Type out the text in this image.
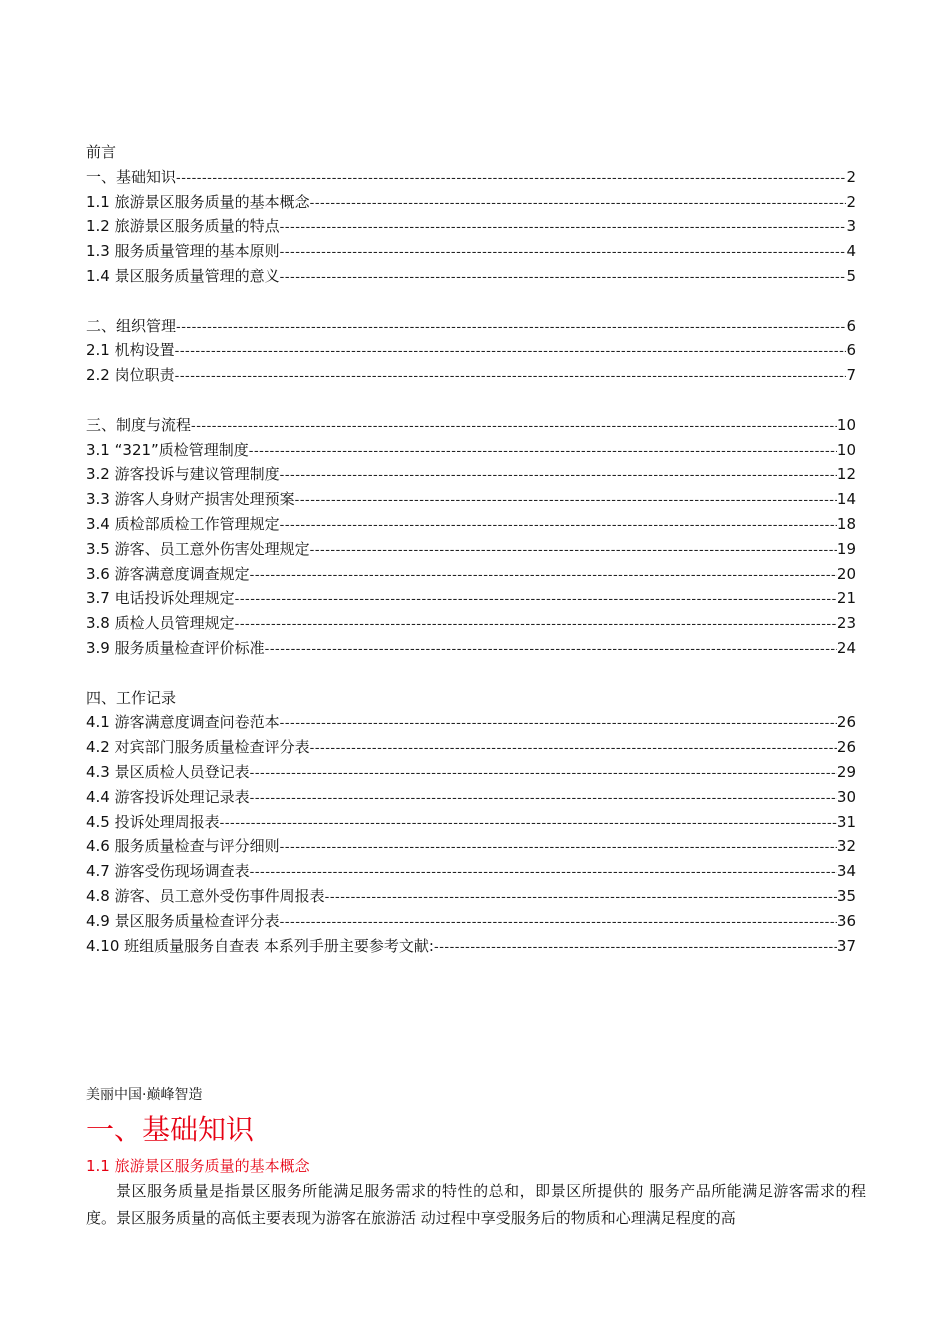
前言
一、基础知识 -----	2
1.1 旅游景区服务质量的基本概念 -----	2
1.2 旅游景区服务质量的特点 -----	3
1.3 服务质量管理的基本原则 -----	4
1.4 景区服务质量管理的意义 -----	5
二、组织管理 -----	6
2.1 机构设置 -----	6
2.2 岗位职责 -----	7
三、制度与流程 -----	10
3.1 “321”质检管理制度 -----	10
3.2 游客投诉与建议管理制度 -----	12
3.3 游客人身财产损害处理预案 -----	14
3.4 质检部质检工作管理规定 -----	18
3.5 游客、员工意外伤害处理规定 -----	19
3.6 游客满意度调查规定 -----	20
3.7 电话投诉处理规定 -----	21
3.8 质检人员管理规定 -----	23
3.9 服务质量检查评价标准 -----	24
四、工作记录
4.1 游客满意度调查问卷范本 -----	26
4.2 对宾部门服务质量检查评分表 -----	26
4.3 景区质检人员登记表 -----	29
4.4 游客投诉处理记录表 -----	30
4.5 投诉处理周报表 -----	31
4.6 服务质量检查与评分细则 -----	32
4.7 游客受伤现场调查表 -----	34
4.8 游客、员工意外受伤事件周报表 -----	35
4.9 景区服务质量检查评分表 -----	36
4.10 班组质量服务自查表 本系列手册主要参考文献: -----	37
美丽中国·巅峰智造
一、基础知识
1.1 旅游景区服务质量的基本概念

景区服务质量是指景区服务所能满足服务需求的特性的总和，即景区所提供的 服务产品所能满足游客需求的程度。景区服务质量的高低主要表现为游客在旅游活 动过程中享受服务后的物质和心理满足程度的高
